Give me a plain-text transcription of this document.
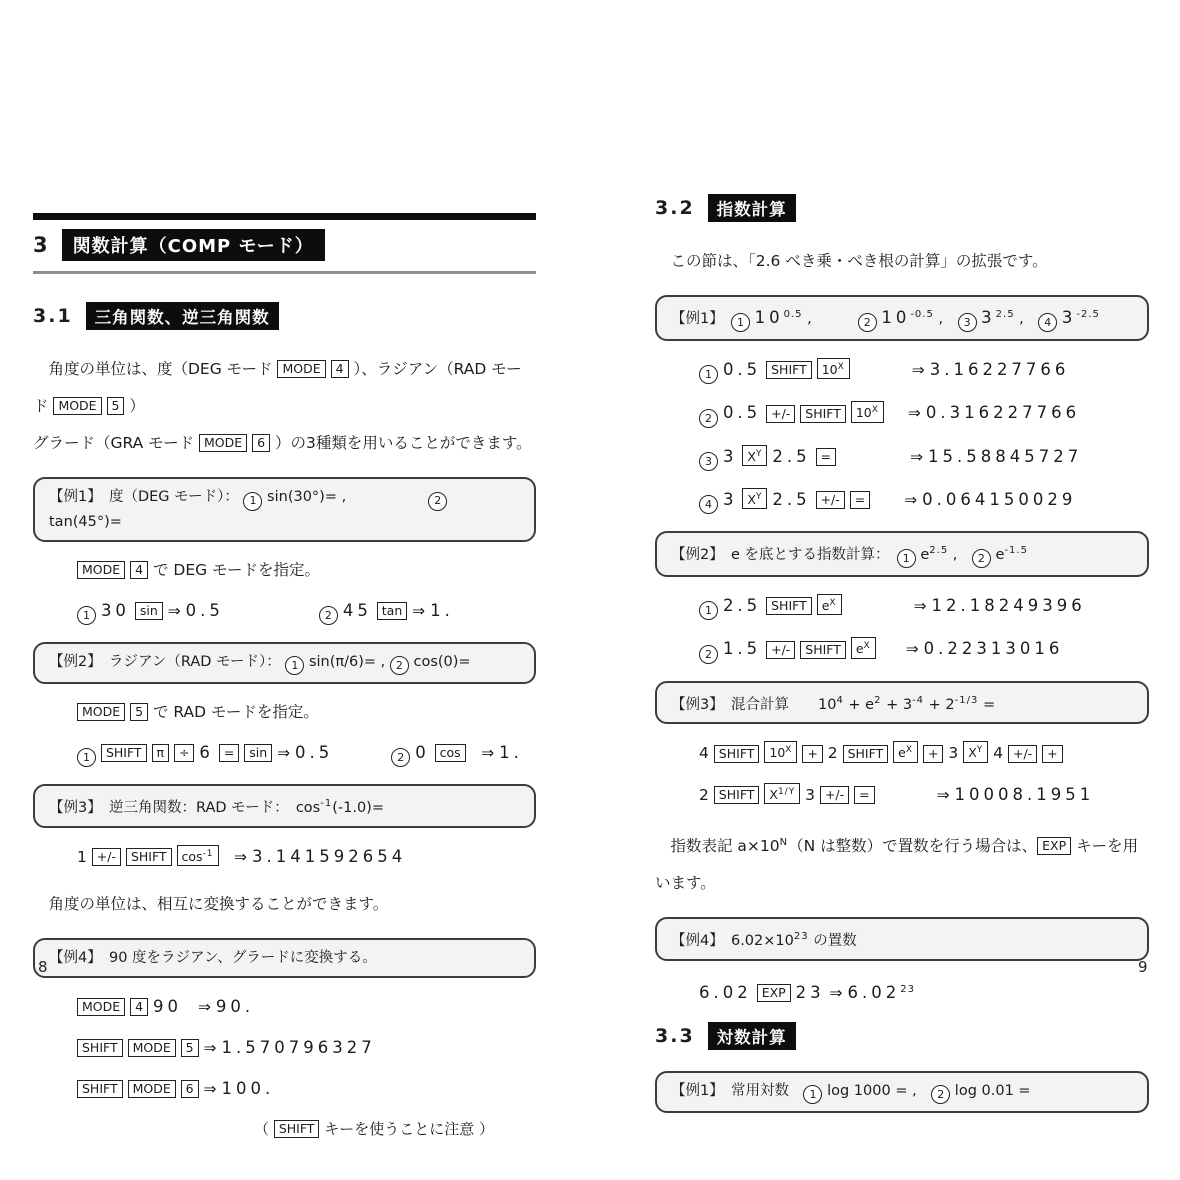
3	関数計算（COMP モード）
3.1	三角関数、逆三角関数
　角度の単位は、度（DEG モード MODE 4 ）、ラジアン（RAD モード MODE 5 ）
グラード（GRA モード MODE 6 ）の3種類を用いることができます。
【例1】　度（DEG モード）： 1 sin(30°)= ,	2 tan(45°)=
MODE 4 で DEG モードを指定。
1 30 sin ⇒ 0.5	2 45 tan ⇒ 1.
【例2】　ラジアン（RAD モード）： 1 sin(π/6)= , 2 cos(0)=
MODE 5 で RAD モードを指定。
1 SHIFT π ÷ 6 = sin ⇒ 0.5	2 0 cos　⇒ 1.
【例3】　逆三角関数：RAD モード：　$\cos^{-1}(-1.0)=$
1 +/- SHIFT $\cos^{-1}$　⇒ 3.141592654
　角度の単位は、相互に変換することができます。
【例4】　90 度をラジアン、グラードに変換する。
MODE 4 90 ⇒ 90.
SHIFT MODE 5 ⇒ 1.570796327
SHIFT MODE 6 ⇒ 100.
（ SHIFT キーを使うことに注意 ）
3.2	指数計算
　この節は、「2.6 べき乗・べき根の計算」の拡張です。
【例1】　1 $10^{0.5}$ ,	2 $10^{-0.5}$ ,　3 $3^{2.5}$ ,　4 $3^{-2.5}$
1 0.5 SHIFT $10^X$	⇒ 3.16227766
2 0.5 +/- SHIFT $10^X$ ⇒ 0.316227766
3 3 $X^Y$ 2.5 =	⇒ 15.58845727
4 3 $X^Y$ 2.5 +/- =	⇒ 0.064150029
【例2】　e を底とする指数計算：　1 $e^{2.5}$ ,　2 $e^{-1.5}$
1 2.5 SHIFT $e^X$	⇒ 12.18249396
2 1.5 +/- SHIFT $e^X$ ⇒ 0.22313016
【例3】　混合計算　　$10^4 + e^2 + 3^{-4} + 2^{-1/3}$ =
4 SHIFT $10^X + 2$ SHIFT $e^X + 3$ $X^Y$ 4 +/- +
2 SHIFT $X^{1/Y}$ 3 +/- =	⇒ 10008.1951
　指数表記 $a\times 10^N(N$ は整数）で置数を行う場合は、 EXP キーを用います。
【例4】　$6.02\times 10^{23}$ の置数
6.02 EXP 23 ⇒ 6.02$^{23}$
3.3	対数計算
【例1】　常用対数　1 log 1000 = ,　2 log 0.01 =
8	9
